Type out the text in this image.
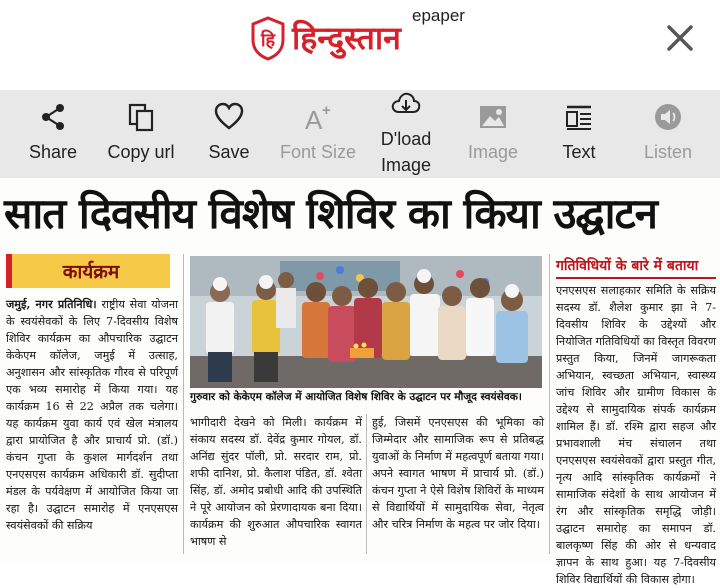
हि हिन्दुस्तान
epaper
Share	Copy url	Save
A +
Font Size
D'load Image
Image	Text	Listen
सात दिवसीय विशेष शिविर का किया उद्घाटन
कार्यक्रम
जमुई, नगर प्रतिनिधि। राष्ट्रीय सेवा योजना के स्वयंसेवकों के लिए 7-दिवसीय विशेष शिविर कार्यक्रम का औपचारिक उद्घाटन केकेएम कॉलेज, जमुई में उत्साह, अनुशासन और सांस्कृतिक गौरव से परिपूर्ण एक भव्य समारोह में किया गया। यह कार्यक्रम 16 से 22 अप्रैल तक चलेगा। यह कार्यक्रम युवा कार्य एवं खेल मंत्रालय द्वारा प्रायोजित है और प्राचार्य प्रो. (डॉ.) कंचन गुप्ता के कुशल मार्गदर्शन तथा एनएसएस कार्यक्रम अधिकारी डॉ. सुदीप्ता मंडल के पर्यवेक्षण में आयोजित किया जा रहा है। उद्घाटन समारोह में एनएसएस स्वयंसेवकों की सक्रिय
गुरुवार को केकेएम कॉलेज में आयोजित विशेष शिविर के उद्घाटन पर मौजूद स्वयंसेवक।
भागीदारी देखने को मिली। कार्यक्रम में संकाय सदस्य डॉ. देवेंद्र कुमार गोयल, डॉ. अनिंद्य सुंदर पॉली, प्रो. सरदार राम, प्रो. शफी दानिश, प्रो. कैलाश पंडित, डॉ. श्वेता सिंह, डॉ. अमोद प्रबोधी आदि की उपस्थिति ने पूरे आयोजन को प्रेरणादायक बना दिया। कार्यक्रम की शुरुआत औपचारिक स्वागत भाषण से
हुई, जिसमें एनएसएस की भूमिका को जिम्मेदार और सामाजिक रूप से प्रतिबद्ध युवाओं के निर्माण में महत्वपूर्ण बताया गया। अपने स्वागत भाषण में प्राचार्य प्रो. (डॉ.) कंचन गुप्ता ने ऐसे विशेष शिविरों के माध्यम से विद्यार्थियों में सामुदायिक सेवा, नेतृत्व और चरित्र निर्माण के महत्व पर जोर दिया।
गतिविधियों के बारे में बताया
एनएसएस सलाहकार समिति के सक्रिय सदस्य डॉ. शैलेश कुमार झा ने 7-दिवसीय शिविर के उद्देश्यों और नियोजित गतिविधियों का विस्तृत विवरण प्रस्तुत किया, जिनमें जागरूकता अभियान, स्वच्छता अभियान, स्वास्थ्य जांच शिविर और ग्रामीण विकास के उद्देश्य से सामुदायिक संपर्क कार्यक्रम शामिल हैं। डॉ. रश्मि द्वारा सहज और प्रभावशाली मंच संचालन तथा एनएसएस स्वयंसेवकों द्वारा प्रस्तुत गीत, नृत्य आदि सांस्कृतिक कार्यक्रमों ने सामाजिक संदेशों के साथ आयोजन में रंग और सांस्कृतिक समृद्धि जोड़ी। उद्घाटन समारोह का समापन डॉ. बालकृष्ण सिंह की ओर से धन्यवाद ज्ञापन के साथ हुआ। यह 7-दिवसीय शिविर विद्यार्थियों की विकास होगा।
